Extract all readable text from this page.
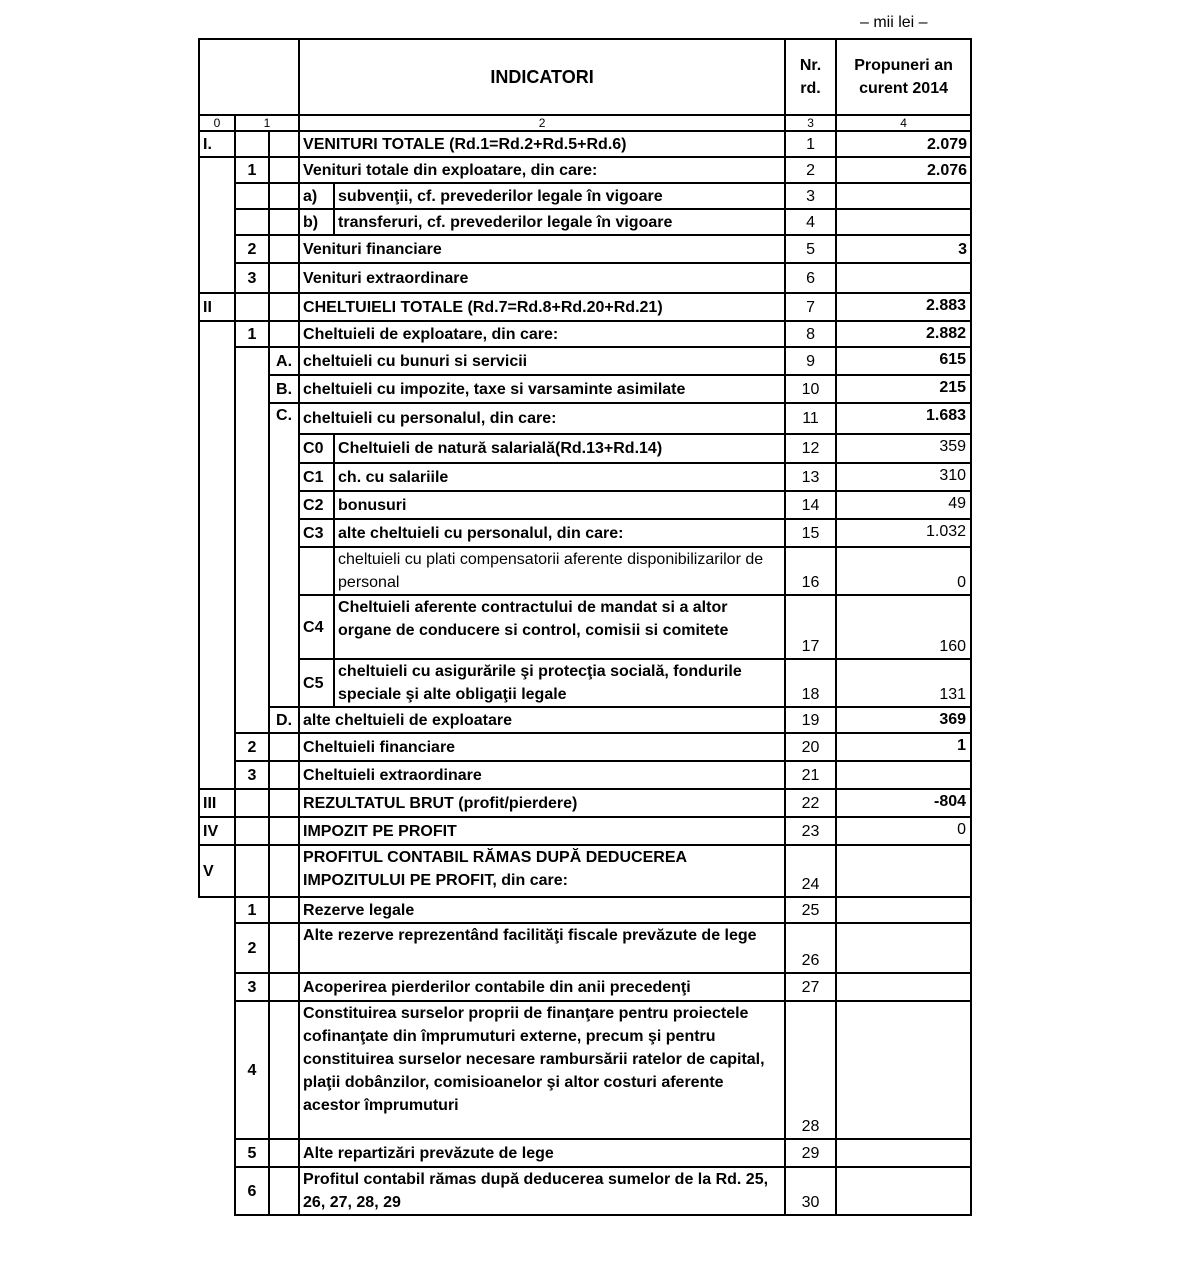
– mii lei –
			INDICATORI		Nr. rd.	Propuneri an curent 2014
0	1		2		3	4
I.			VENITURI TOTALE (Rd.1=Rd.2+Rd.5+Rd.6)		1	2.079
	1		Venituri totale din exploatare, din care:		2	2.076
			a)	subvenţii, cf. prevederilor legale în vigoare	3	
			b)	transferuri, cf. prevederilor legale în vigoare	4	
	2		Venituri financiare		5	3
	3		Venituri extraordinare		6	
II			CHELTUIELI TOTALE (Rd.7=Rd.8+Rd.20+Rd.21)		7	2.883
	1		Cheltuieli de exploatare, din care:		8	2.882
		A.	cheltuieli cu bunuri si servicii		9	615
		B.	cheltuieli cu impozite, taxe si varsaminte asimilate		10	215
		C.	cheltuieli cu personalul, din care:		11	1.683
			C0	Cheltuieli de natură salarială(Rd.13+Rd.14)	12	359
			C1	ch. cu salariile	13	310
			C2	bonusuri	14	49
			C3	alte cheltuieli cu personalul, din care:	15	1.032
				cheltuieli cu plati compensatorii aferente disponibilizarilor de personal	16	0
			C4	Cheltuieli aferente contractului de mandat si a altor organe de conducere si control, comisii si comitete	17	160
			C5	cheltuieli cu asigurările şi protecţia socială, fondurile speciale şi alte obligaţii legale	18	131
		D.	alte cheltuieli de exploatare		19	369
	2		Cheltuieli financiare		20	1
	3		Cheltuieli extraordinare		21	
III			REZULTATUL BRUT (profit/pierdere)		22	-804
IV			IMPOZIT PE PROFIT		23	0
V			PROFITUL CONTABIL RĂMAS DUPĂ DEDUCEREA IMPOZITULUI PE PROFIT, din care:		24	
	1		Rezerve legale		25	
	2		Alte rezerve reprezentând facilităţi fiscale prevăzute de lege		26	
	3		Acoperirea pierderilor contabile din anii precedenţi		27	
	4		Constituirea surselor proprii de finanţare pentru proiectele cofinanţate din împrumuturi externe, precum şi pentru constituirea surselor necesare rambursării ratelor de capital, plaţii dobânzilor, comisioanelor şi altor costuri aferente acestor împrumuturi		28	
	5		Alte repartizări prevăzute de lege		29	
	6		Profitul contabil rămas după deducerea sumelor de la Rd. 25, 26, 27, 28, 29		30	
